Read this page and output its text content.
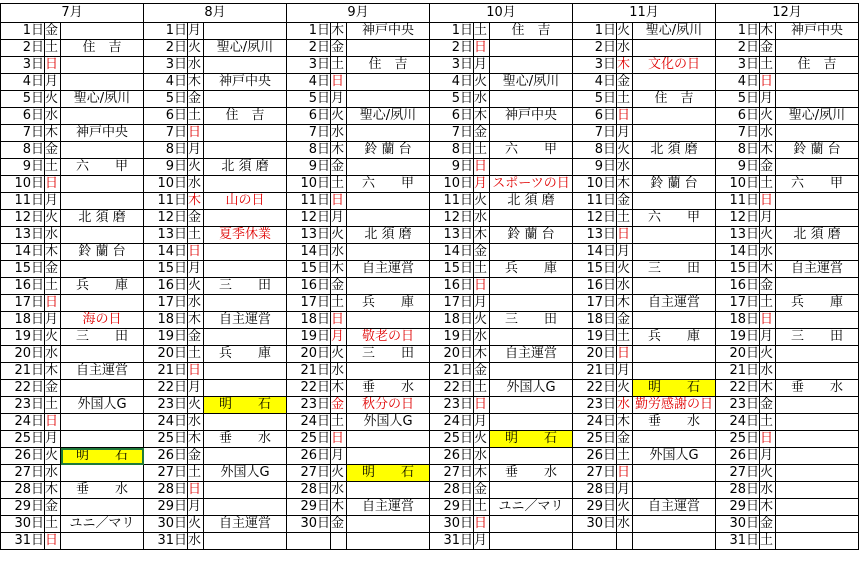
7月			8月			9月			10月			11月			12月		
1日	金		1日	月		1日	木	神戸中央	1日	土	住　吉	1日	火	聖心/夙川	1日	木	神戸中央
2日	土	住　吉	2日	火	聖心/夙川	2日	金		2日	日		2日	水		2日	金	
3日	日		3日	水		3日	土	住　吉	3日	月		3日	木	文化の日	3日	土	住　吉
4日	月		4日	木	神戸中央	4日	日		4日	火	聖心/夙川	4日	金		4日	日	
5日	火	聖心/夙川	5日	金		5日	月		5日	水		5日	土	住　吉	5日	月	
6日	水		6日	土	住　吉	6日	火	聖心/夙川	6日	木	神戸中央	6日	日		6日	火	聖心/夙川
7日	木	神戸中央	7日	日		7日	水		7日	金		7日	月		7日	水	
8日	金		8日	月		8日	木	鈴 蘭 台	8日	土	六　　甲	8日	火	北 須 磨	8日	木	鈴 蘭 台
9日	土	六　　甲	9日	火	北 須 磨	9日	金		9日	日		9日	水		9日	金	
10日	日		10日	水		10日	土	六　　甲	10日	月	スポーツの日	10日	木	鈴 蘭 台	10日	土	六　　甲
11日	月		11日	木	山の日	11日	日		11日	火	北 須 磨	11日	金		11日	日	
12日	火	北 須 磨	12日	金		12日	月		12日	水		12日	土	六　　甲	12日	月	
13日	水		13日	土	夏季休業	13日	火	北 須 磨	13日	木	鈴 蘭 台	13日	日		13日	火	北 須 磨
14日	木	鈴 蘭 台	14日	日		14日	水		14日	金		14日	月		14日	水	
15日	金		15日	月		15日	木	自主運営	15日	土	兵　　庫	15日	火	三　　田	15日	木	自主運営
16日	土	兵　　庫	16日	火	三　　田	16日	金		16日	日		16日	水		16日	金	
17日	日		17日	水		17日	土	兵　　庫	17日	月		17日	木	自主運営	17日	土	兵　　庫
18日	月	海の日	18日	木	自主運営	18日	日		18日	火	三　　田	18日	金		18日	日	
19日	火	三　　田	19日	金		19日	月	敬老の日	19日	水		19日	土	兵　　庫	19日	月	三　　田
20日	水		20日	土	兵　　庫	20日	火	三　　田	20日	木	自主運営	20日	日		20日	火	
21日	木	自主運営	21日	日		21日	水		21日	金		21日	月		21日	水	
22日	金		22日	月		22日	木	垂　　水	22日	土	外国人G	22日	火	明　　石	22日	木	垂　　水
23日	土	外国人G	23日	火	明　　石	23日	金	秋分の日	23日	日		23日	水	勤労感謝の日	23日	金	
24日	日		24日	水		24日	土	外国人G	24日	月		24日	木	垂　　水	24日	土	
25日	月		25日	木	垂　　水	25日	日		25日	火	明　　石	25日	金		25日	日	
26日	火	明　　石	26日	金		26日	月		26日	水		26日	土	外国人G	26日	月	
27日	水		27日	土	外国人G	27日	火	明　　石	27日	木	垂　　水	27日	日		27日	火	
28日	木	垂　　水	28日	日		28日	水		28日	金		28日	月		28日	水	
29日	金		29日	月		29日	木	自主運営	29日	土	ユニ／マリ	29日	火	自主運営	29日	木	
30日	土	ユニ／マリ	30日	火	自主運営	30日	金		30日	日		30日	水		30日	金	
31日	日		31日	水					31日	月					31日	土	
